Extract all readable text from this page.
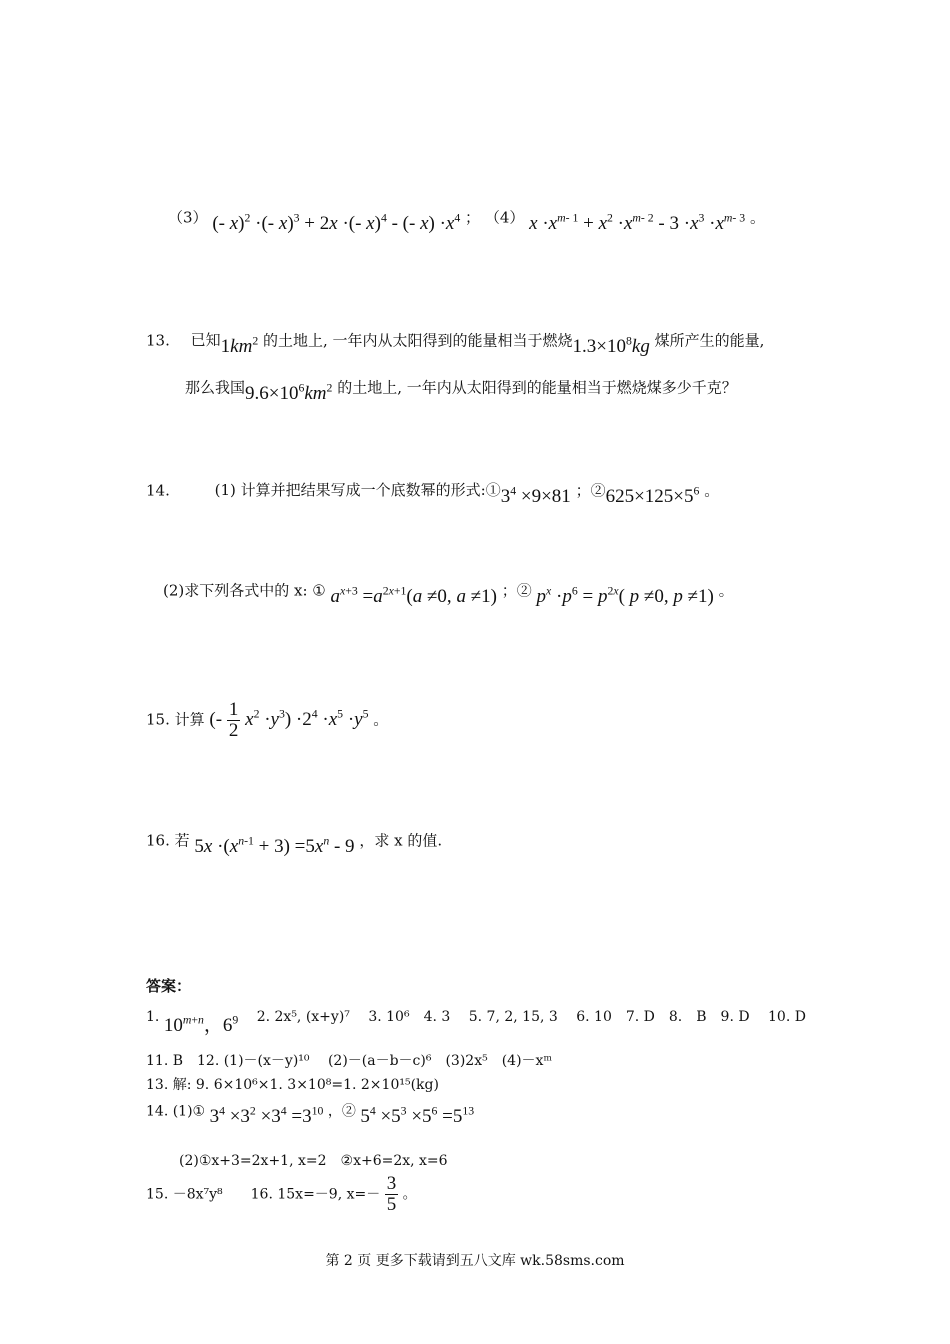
（3） (- x)$^2$ ·(- x)$^3$ + 2x ·(- x)$^4$ - (- $x) \cdot x^4$ ； （4） $x \cdot x^{m- 1} + x^2 \cdot x^{m- 2} - 3 \cdot x^3 \cdot x^{m- 3}$ 。
13. 已知$1km^2$ 的土地上, 一年内从太阳得到的能量相当于燃烧$1.3\times 10^8kg$ 煤所产生的能量,
那么我国$9.6\times 10^6km^2$ 的土地上, 一年内从太阳得到的能量相当于燃烧煤多少千克？
14.	(1) 计算并把结果写成一个底数幂的形式$:①3^4 \times 9\times 81$ ；$②625\times 125\times 5^6$ 。
(2)求下列各式中的 x: ① $a^{x+3} =a^{2x+1}(a \ne 0$, a ≠1) ；② $p^x \cdot p^6 = p^{2x}$( p ≠0, p ≠1) 。
15. 计算 (- $\frac{1}{2} x^2 \cdot y^3) \cdot 2^4 \cdot x^5 \cdot y^5$ 。
16. 若 $5x \cdot(x^{n-1} + 3) =5x^n - 9$ ，求 x 的值.
答案：
1. $10^{m+n}$，$6^9$ 2. 2x⁵, (x+y)⁷　 3. 10⁶　4. 3　 5. 7, 2, 15, 3　 6. 10　7. D　8.　B　9. D　 10. D
11. B　12. (1)－(x－y)¹⁰　 (2)－(a－b－c)⁶　(3)2x⁵　(4)－xᵐ
13. 解: 9. 6×10⁶×1. 3×10⁸=1. 2×10¹⁵(kg)
14. (1)① $3^4 \times 3^2 \times 3^4 =3^{10}$ ，② $5^4 \times 5^3 \times 5^6 =5^{13}$
(2)①x+3=2x+1, x=2　②x+6=2x, x=6
15. －8x⁷y⁸　　16. 15x=－9, $x=- \frac{3}{5}$ 。
第 2 页 更多下载请到五八文库 wk.58sms.com
